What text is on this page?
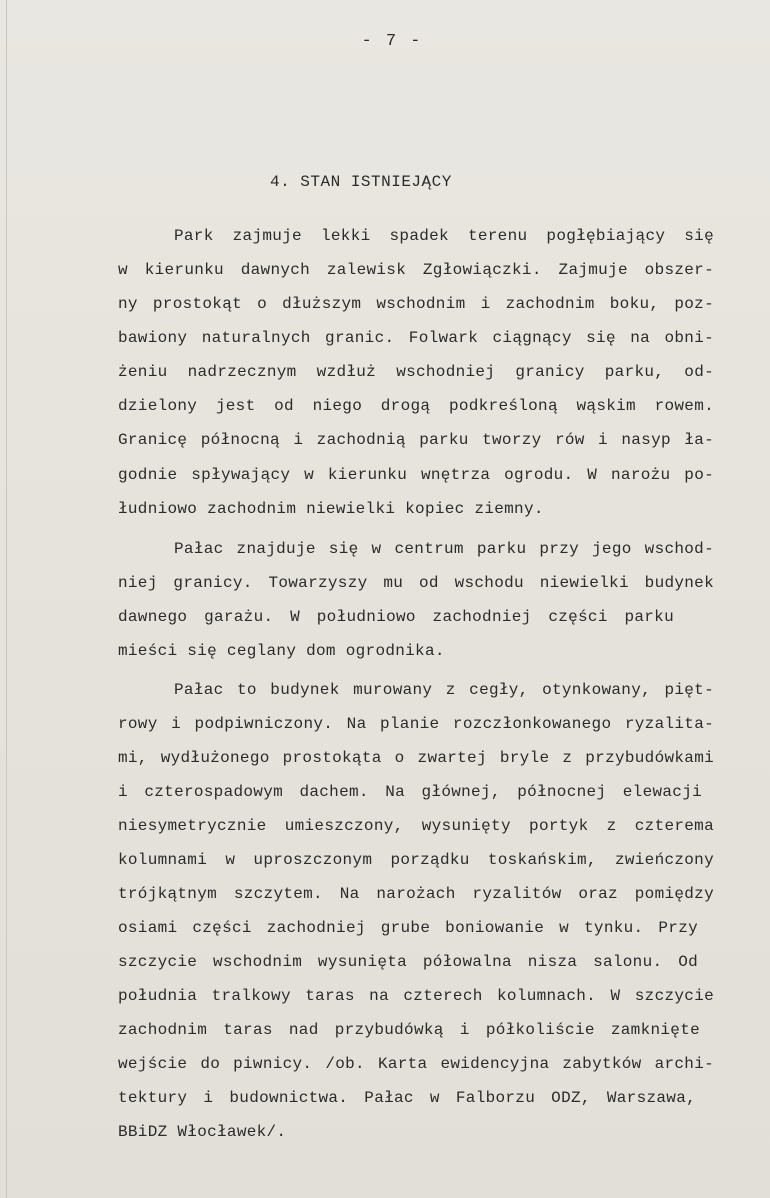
- 7 -
4. STAN ISTNIEJĄCY
Park zajmuje lekki spadek terenu pogłębiający się
w kierunku dawnych zalewisk Zgłowiączki. Zajmuje obszer-
ny prostokąt o dłuższym wschodnim i zachodnim boku, poz-
bawiony naturalnych granic. Folwark ciągnący się na obni-
żeniu nadrzecznym wzdłuż wschodniej granicy parku, od-
dzielony jest od niego drogą podkreśloną wąskim rowem.
Granicę północną i zachodnią parku tworzy rów i nasyp ła-
godnie spływający w kierunku wnętrza ogrodu. W narożu po-
łudniowo zachodnim niewielki kopiec ziemny.
Pałac znajduje się w centrum parku przy jego wschod-
niej granicy. Towarzyszy mu od wschodu niewielki budynek
dawnego garażu. W południowo zachodniej części parku
mieści się ceglany dom ogrodnika.
Pałac to budynek murowany z cegły, otynkowany, pięt-
rowy i podpiwniczony. Na planie rozczłonkowanego ryzalita-
mi, wydłużonego prostokąta o zwartej bryle z przybudówkami
i czterospadowym dachem. Na głównej, północnej elewacji
niesymetrycznie umieszczony, wysunięty portyk z czterema
kolumnami w uproszczonym porządku toskańskim, zwieńczony
trójkątnym szczytem. Na narożach ryzalitów oraz pomiędzy
osiami części zachodniej grube boniowanie w tynku. Przy
szczycie wschodnim wysunięta półowalna nisza salonu. Od
południa tralkowy taras na czterech kolumnach. W szczycie
zachodnim taras nad przybudówką i półkoliście zamknięte
wejście do piwnicy. /ob. Karta ewidencyjna zabytków archi-
tektury i budownictwa. Pałac w Falborzu ODZ, Warszawa,
BBiDZ Włocławek/.
